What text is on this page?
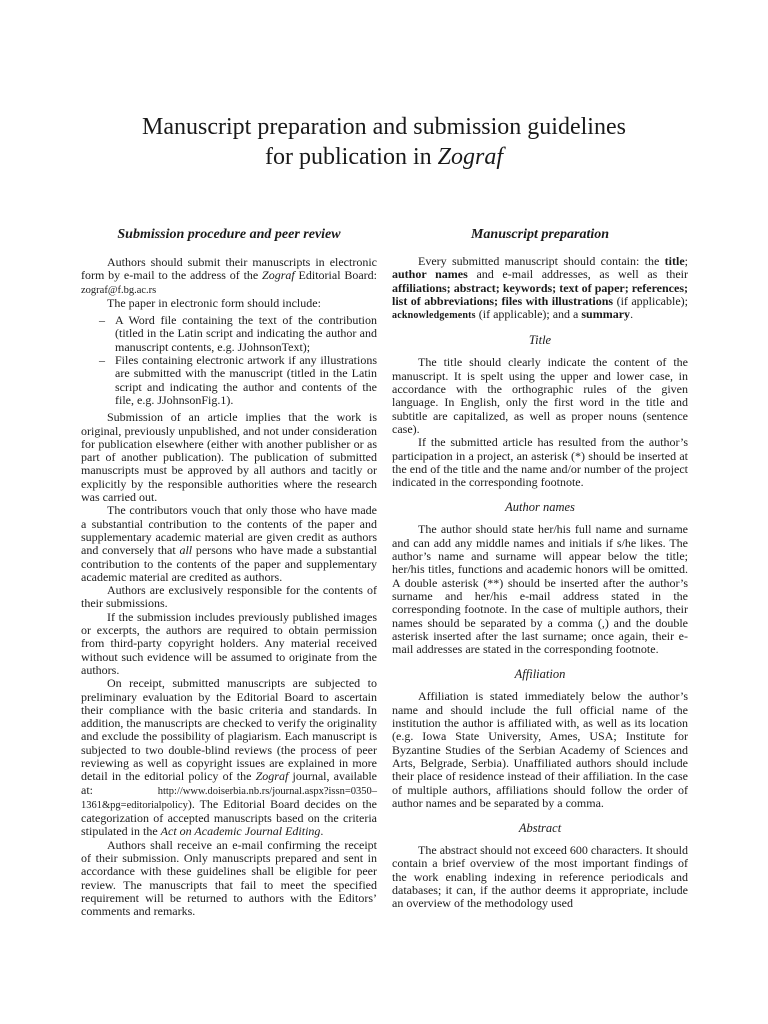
Manuscript preparation and submission guidelines
for publication in Zograf
Submission procedure and peer review

Authors should submit their manuscripts in electronic form by e-mail to the address of the Zograf Editorial Board: zograf@f.bg.ac.rs

The paper in electronic form should include:

– A Word file containing the text of the contribution (titled in the Latin script and indicating the author and manuscript contents, e.g. JJohnsonText);
– Files containing electronic artwork if any illustrations are submitted with the manuscript (titled in the Latin script and indicating the author and contents of the file, e.g. JJohnsonFig.1).

Submission of an article implies that the work is original, previously unpublished, and not under consideration for publication elsewhere (either with another publisher or as part of another publication). The publication of submitted manuscripts must be approved by all authors and tacitly or explicitly by the responsible authorities where the research was carried out.

The contributors vouch that only those who have made a substantial contribution to the contents of the paper and supplementary academic material are given credit as authors and conversely that all persons who have made a substantial contribution to the contents of the paper and supplementary academic material are credited as authors.

Authors are exclusively responsible for the contents of their submissions.

If the submission includes previously published images or excerpts, the authors are required to obtain permission from third-party copyright holders. Any material received without such evidence will be assumed to originate from the authors.

On receipt, submitted manuscripts are subjected to preliminary evaluation by the Editorial Board to ascertain their compliance with the basic criteria and standards. In addition, the manuscripts are checked to verify the originality and exclude the possibility of plagiarism. Each manuscript is subjected to two double-blind reviews (the process of peer reviewing as well as copyright issues are explained in more detail in the editorial policy of the Zograf journal, available at: http://www.doiserbia.nb.rs/journal.aspx?issn=0350–1361&pg=editorialpolicy). The Editorial Board decides on the categorization of accepted manuscripts based on the criteria stipulated in the Act on Academic Journal Editing.

Authors shall receive an e-mail confirming the receipt of their submission. Only manuscripts prepared and sent in accordance with these guidelines shall be eligible for peer review. The manuscripts that fail to meet the specified requirement will be returned to authors with the Editors’ comments and remarks.

Manuscript preparation

Every submitted manuscript should contain: the title; author names and e-mail addresses, as well as their affiliations; abstract; keywords; text of paper; references; list of abbreviations; files with illustrations (if applicable); acknowledgements (if applicable); and a summary.

Title

The title should clearly indicate the content of the manuscript. It is spelt using the upper and lower case, in accordance with the orthographic rules of the given language. In English, only the first word in the title and subtitle are capitalized, as well as proper nouns (sentence case).

If the submitted article has resulted from the author’s participation in a project, an asterisk (*) should be inserted at the end of the title and the name and/or number of the project indicated in the corresponding footnote.

Author names

The author should state her/his full name and surname and can add any middle names and initials if s/he likes. The author’s name and surname will appear below the title; her/his titles, functions and academic honors will be omitted. A double asterisk (**) should be inserted after the author’s surname and her/his e-mail address stated in the corresponding footnote. In the case of multiple authors, their names should be separated by a comma (,) and the double asterisk inserted after the last surname; once again, their e-mail addresses are stated in the corresponding footnote.

Affiliation

Affiliation is stated immediately below the author’s name and should include the full official name of the institution the author is affiliated with, as well as its location (e.g. Iowa State University, Ames, USA; Institute for Byzantine Studies of the Serbian Academy of Sciences and Arts, Belgrade, Serbia). Unaffiliated authors should include their place of residence instead of their affiliation. In the case of multiple authors, affiliations should follow the order of author names and be separated by a comma.

Abstract

The abstract should not exceed 600 characters. It should contain a brief overview of the most important findings of the work enabling indexing in reference periodicals and databases; it can, if the author deems it appropriate, include an overview of the methodology used
